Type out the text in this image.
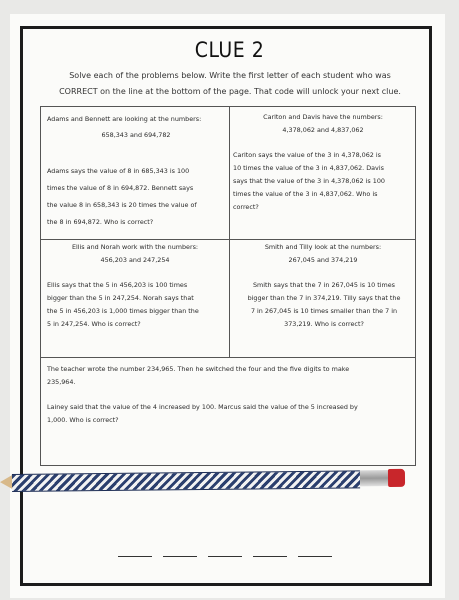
CLUE 2
Solve each of the problems below. Write the first letter of each student who was
CORRECT on the line at the bottom of the page. That code will unlock your next clue.
Adams and Bennett are looking at the numbers:
658,343 and 694,782
Adams says the value of 8 in 685,343 is 100
times the value of 8 in 694,872. Bennett says
the value 8 in 658,343 is 20 times the value of
the 8 in 694,872. Who is correct?
Carlton and Davis have the numbers:
4,378,062 and 4,837,062
Carlton says the value of the 3 in 4,378,062 is
10 times the value of the 3 in 4,837,062. Davis
says that the value of the 3 in 4,378,062 is 100
times the value of the 3 in 4,837,062. Who is
correct?
Ellis and Norah work with the numbers:
456,203 and 247,254
Ellis says that the 5 in 456,203 is 100 times
bigger than the 5 in 247,254. Norah says that
the 5 in 456,203 is 1,000 times bigger than the
5 in 247,254. Who is correct?
Smith and Tilly look at the numbers:
267,045 and 374,219
Smith says that the 7 in 267,045 is 10 times
bigger than the 7 in 374,219. Tilly says that the
7 in 267,045 is 10 times smaller than the 7 in
373,219. Who is correct?
The teacher wrote the number 234,965. Then he switched the four and the five digits to make
235,964.
Lainey said that the value of the 4 increased by 100. Marcus said the value of the 5 increased by
1,000. Who is correct?
